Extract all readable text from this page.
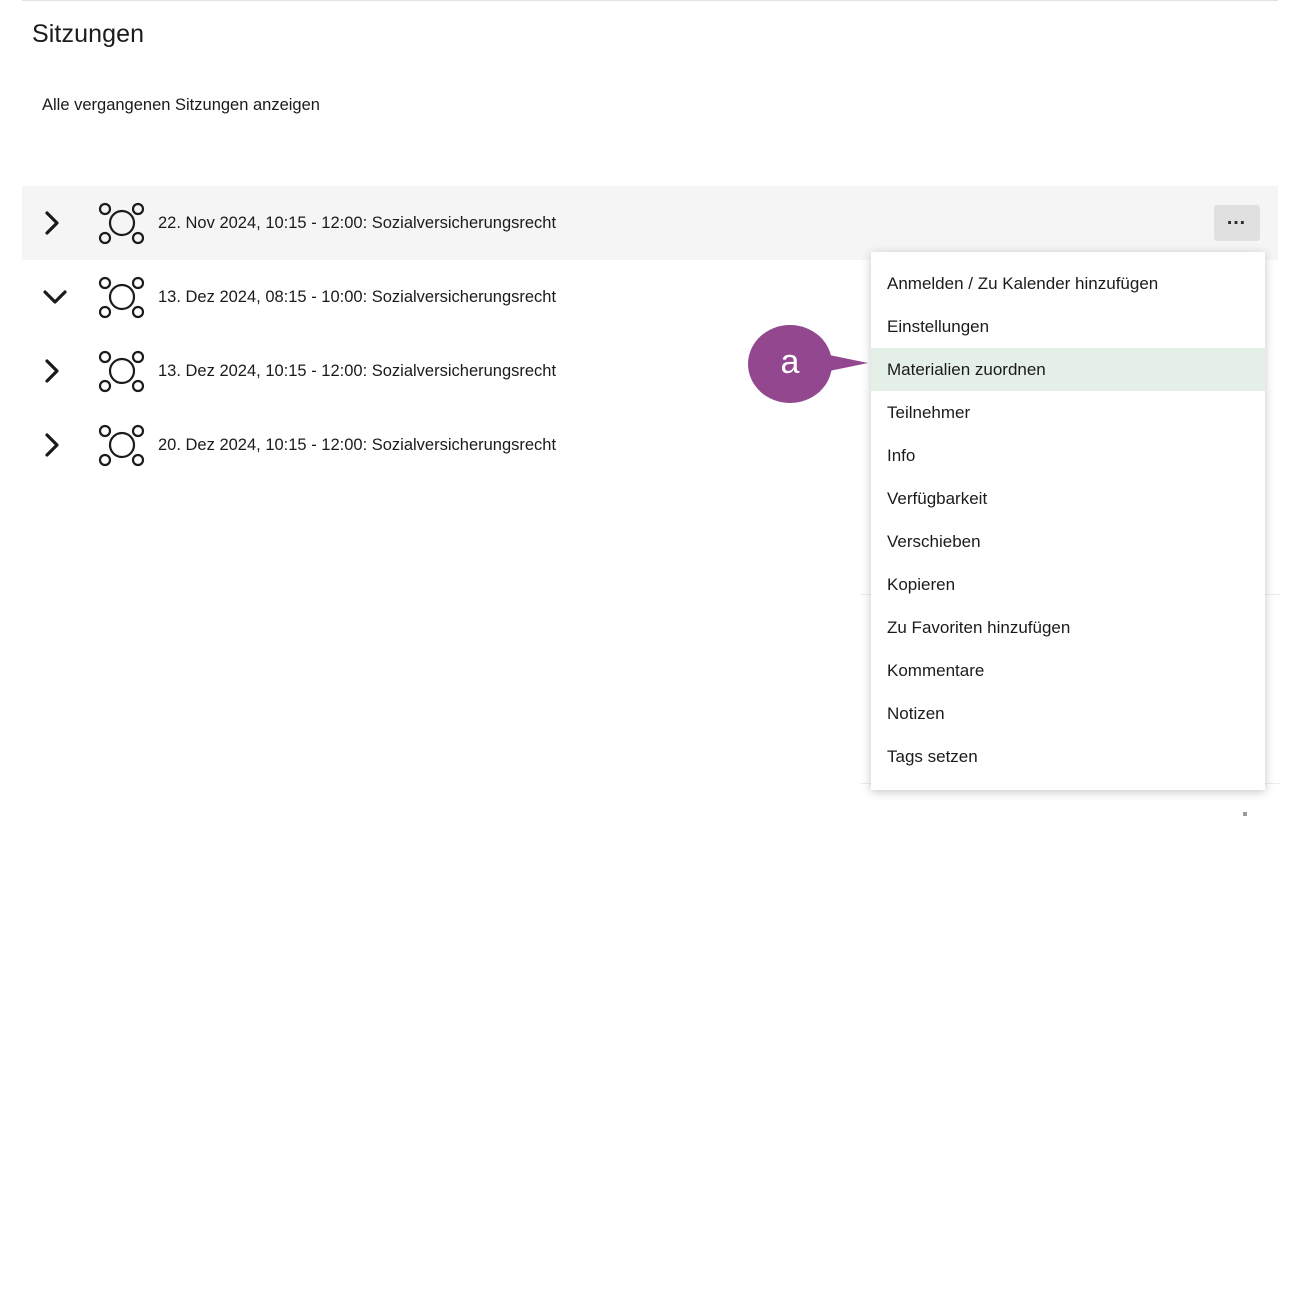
Sitzungen
Alle vergangenen Sitzungen anzeigen
22. Nov 2024, 10:15 - 12:00: Sozialversicherungsrecht	…
13. Dez 2024, 08:15 - 10:00: Sozialversicherungsrecht
13. Dez 2024, 10:15 - 12:00: Sozialversicherungsrecht
20. Dez 2024, 10:15 - 12:00: Sozialversicherungsrecht
Anmelden / Zu Kalender hinzufügen
Einstellungen
Materialien zuordnen
Teilnehmer
Info
Verfügbarkeit
Verschieben
Kopieren
Zu Favoriten hinzufügen
Kommentare
Notizen
Tags setzen
a
